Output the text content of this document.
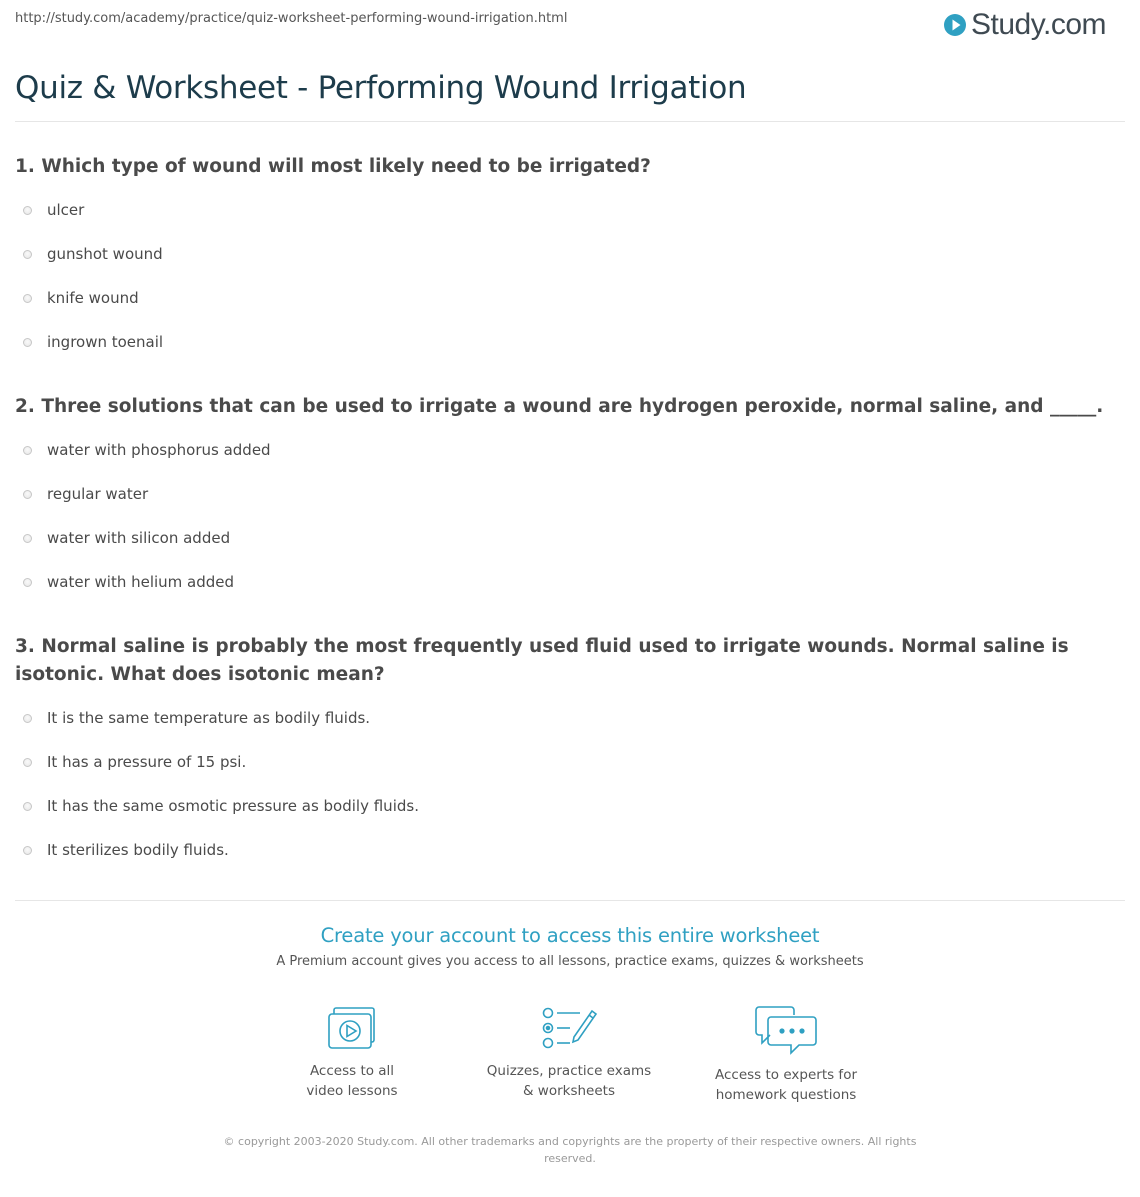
http://study.com/academy/practice/quiz-worksheet-performing-wound-irrigation.html	Study.com
Quiz & Worksheet - Performing Wound Irrigation

1. Which type of wound will most likely need to be irrigated?

ulcer
gunshot wound
knife wound
ingrown toenail

2. Three solutions that can be used to irrigate a wound are hydrogen peroxide, normal saline, and _____.

water with phosphorus added
regular water
water with silicon added
water with helium added

3. Normal saline is probably the most frequently used fluid used to irrigate wounds. Normal saline is isotonic. What does isotonic mean?

It is the same temperature as bodily fluids.
It has a pressure of 15 psi.
It has the same osmotic pressure as bodily fluids.
It sterilizes bodily fluids.
Create your account to access this entire worksheet

A Premium account gives you access to all lessons, practice exams, quizzes & worksheets

Access to all
video lessons
Quizzes, practice exams
& worksheets
Access to experts for
homework questions
© copyright 2003-2020 Study.com. All other trademarks and copyrights are the property of their respective owners. All rights reserved.
